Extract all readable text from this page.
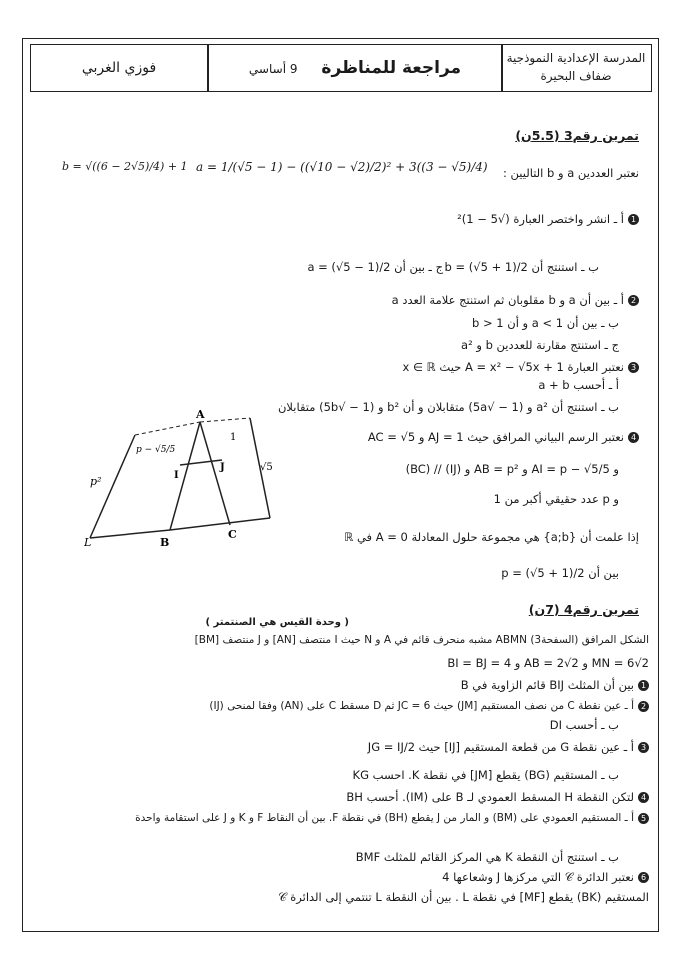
المدرسة الإعدادية النموذجية
ضفاف البحيرة
مراجعة للمناظرة 9 أساسي
فوزي الغربي
تمرين رقم3 (5.5ن)
نعتبر العددين a و b التاليين :
a = 1/(√5 − 1) − ((√10 − √2)/2)² + 3((3 − √5)/4)
b = √((6 − 2√5)/4) + 1
1أ ـ انشر واختصر العبارة (√5 − 1)²
ب ـ استنتج أن b = (√5 + 1)/2
ج ـ بين أن a = (√5 − 1)/2
2أ ـ بين أن a و b مقلوبان ثم استنتج علامة العدد a
ب ـ بين أن 1 > a و أن b > 1
ج ـ استنتج مقارنة للعددين b و a²
3نعتبر العبارة A = x² − √5x + 1 حيث x ∈ ℝ
أ ـ أحسب a + b
ب ـ استنتج أن a² و (1 − √5a) متقابلان و أن b² و (1 − √5b) متقابلان
4نعتبر الرسم البياني المرافق حيث AJ = 1 و AC = √5
و AI = p − √5/5 و AB = p² و (IJ) // (BC)
و p عدد حقيقي أكبر من 1
إذا علمت أن {a;b} هي مجموعة حلول المعادلة A = 0 في ℝ
بين أن p = (√5 + 1)/2
A
B
C
L
I
J
p²
p − √5/5
1
√5
تمرين رقم4 (7ن)
( وحدة القيس هي الصنتمتر )
الشكل المرافق (السفحة3) ABMN مشبه منحرف قائم في A و N حيث I منتصف [AN] و J منتصف [BM]
MN = 6√2 و AB = 2√2 و BI = BJ = 4
1بين أن المثلث BIJ قائم الزاوية في B
2أ ـ عين نقطة C من نصف المستقيم [JM) حيث JC = 6 ثم D مسقط C على (AN) وفقا لمنحى (IJ)
ب ـ أحسب DI
3أ ـ عين نقطة G من قطعة المستقيم [IJ] حيث JG = IJ/2
ب ـ المستقيم (BG) يقطع [JM] في نقطة K. احسب KG
4لتكن النقطة H المسقط العمودي لـ B على (IM). أحسب BH
5أ ـ المستقيم العمودي على (BM) و المار من J يقطع (BH) في نقطة F. بين أن النقاط F و K و J على استقامة واحدة
ب ـ استنتج أن النقطة K هي المركز القائم للمثلث BMF
6نعتبر الدائرة 𝒞 التي مركزها J وشعاعها 4
المستقيم (BK) يقطع [MF] في نقطة L . بين أن النقطة L تنتمي إلى الدائرة 𝒞
